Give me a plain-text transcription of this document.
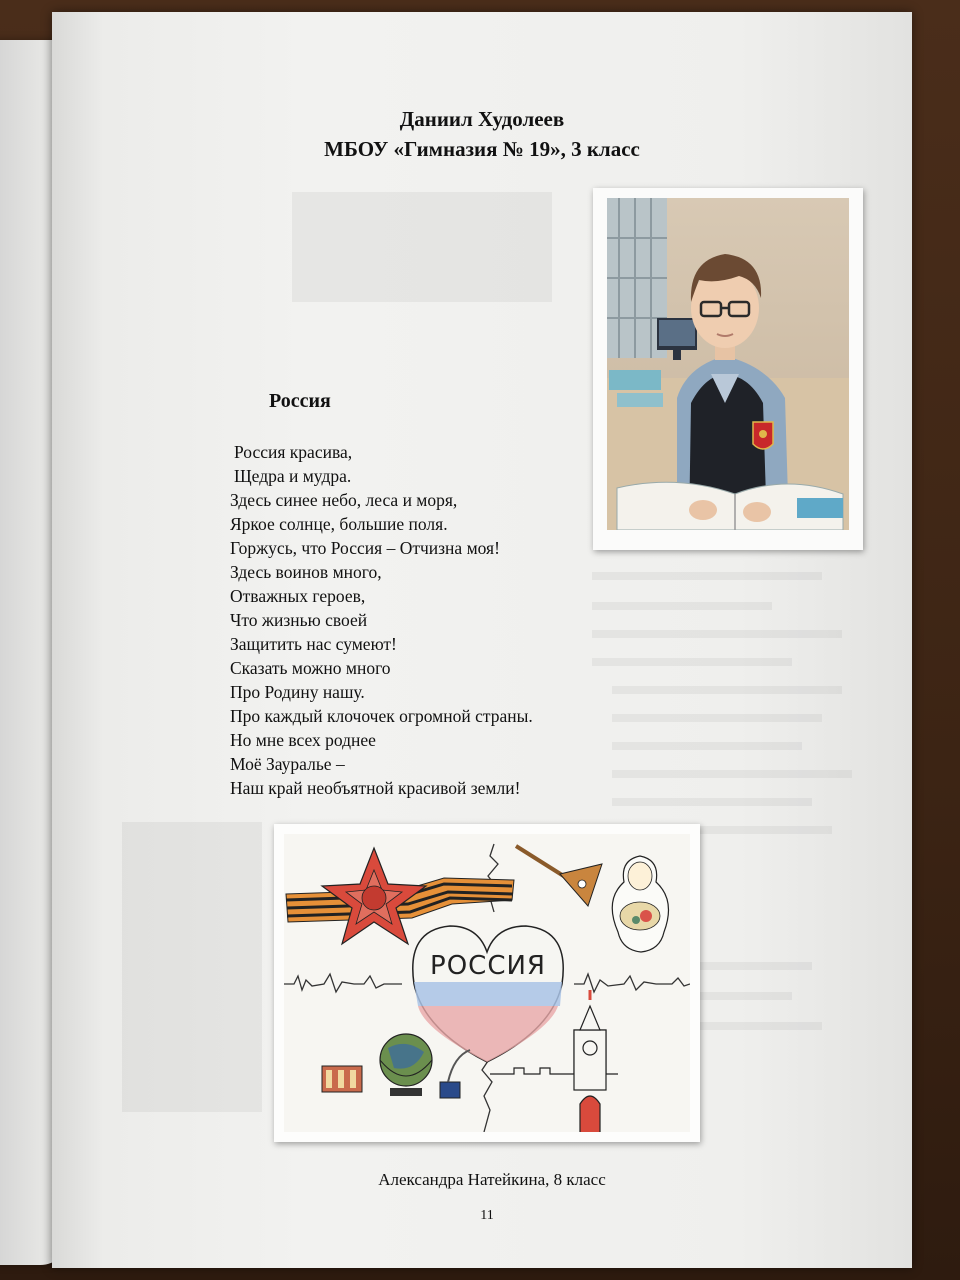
Даниил Худолеев

МБОУ «Гимназия № 19», 3 класс

Россия
Россия красива,
Щедра и мудра.
Здесь синее небо, леса и моря,
Яркое солнце, большие поля.
Горжусь, что Россия – Отчизна моя!
Здесь воинов много,
Отважных героев,
Что жизнью своей
Защитить нас сумеют!
Сказать можно много
Про Родину нашу.
Про каждый клочочек огромной страны.
Но мне всех роднее
Моё Зауралье –
Наш край необъятной красивой земли!
РОССИЯ
Александра Натейкина, 8 класс
11
